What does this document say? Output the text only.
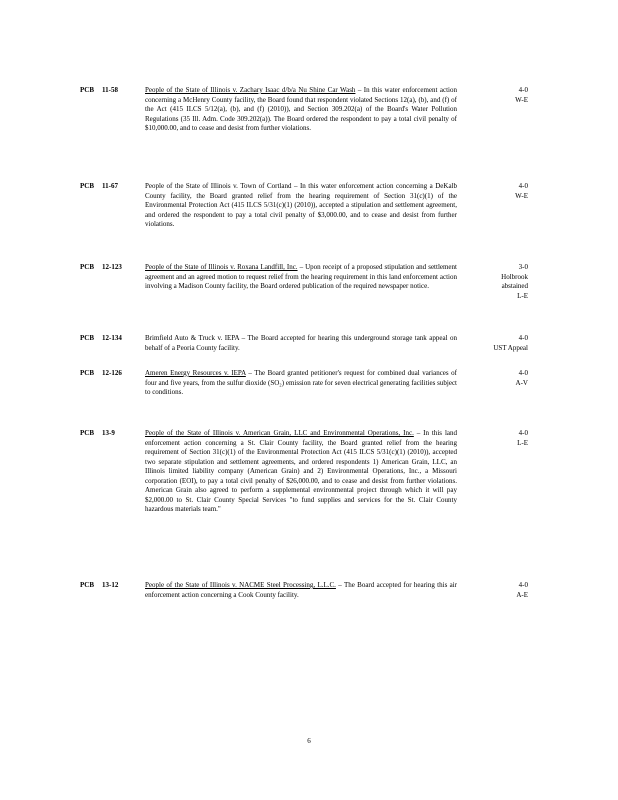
PCB 11-58	People of the State of Illinois v. Zachary Isaac d/b/a Nu Shine Car Wash – In this water enforcement action concerning a McHenry County facility, the Board found that respondent violated Sections 12(a), (b), and (f) of the Act (415 ILCS 5/12(a), (b), and (f) (2010)), and Section 309.202(a) of the Board's Water Pollution Regulations (35 Ill. Adm. Code 309.202(a)). The Board ordered the respondent to pay a total civil penalty of $10,000.00, and to cease and desist from further violations.
4-0
W-E
PCB 11-67	People of the State of Illinois v. Town of Cortland – In this water enforcement action concerning a DeKalb County facility, the Board granted relief from the hearing requirement of Section 31(c)(1) of the Environmental Protection Act (415 ILCS 5/31(c)(1) (2010)), accepted a stipulation and settlement agreement, and ordered the respondent to pay a total civil penalty of $3,000.00, and to cease and desist from further violations.
4-0
W-E
PCB 12-123	People of the State of Illinois v. Roxana Landfill, Inc. – Upon receipt of a proposed stipulation and settlement agreement and an agreed motion to request relief from the hearing requirement in this land enforcement action involving a Madison County facility, the Board ordered publication of the required newspaper notice.
3-0
Holbrook
abstained
L-E
PCB 12-134	Brimfield Auto & Truck v. IEPA – The Board accepted for hearing this underground storage tank appeal on behalf of a Peoria County facility.
4-0
UST Appeal
PCB 12-126	Ameren Energy Resources v. IEPA – The Board granted petitioner's request for combined dual variances of four and five years, from the sulfur dioxide (SO₂) emission rate for seven electrical generating facilities subject to conditions.
4-0
A-V
PCB 13-9	People of the State of Illinois v. American Grain, LLC and Environmental Operations, Inc. – In this land enforcement action concerning a St. Clair County facility, the Board granted relief from the hearing requirement of Section 31(c)(1) of the Environmental Protection Act (415 ILCS 5/31(c)(1) (2010)), accepted two separate stipulation and settlement agreements, and ordered respondents 1) American Grain, LLC, an Illinois limited liability company (American Grain) and 2) Environmental Operations, Inc., a Missouri corporation (EOI), to pay a total civil penalty of $26,000.00, and to cease and desist from further violations. American Grain also agreed to perform a supplemental environmental project through which it will pay $2,000.00 to St. Clair County Special Services "to fund supplies and services for the St. Clair County hazardous materials team."
4-0
L-E
PCB 13-12	People of the State of Illinois v. NACME Steel Processing, L.L.C. – The Board accepted for hearing this air enforcement action concerning a Cook County facility.
4-0
A-E
6
